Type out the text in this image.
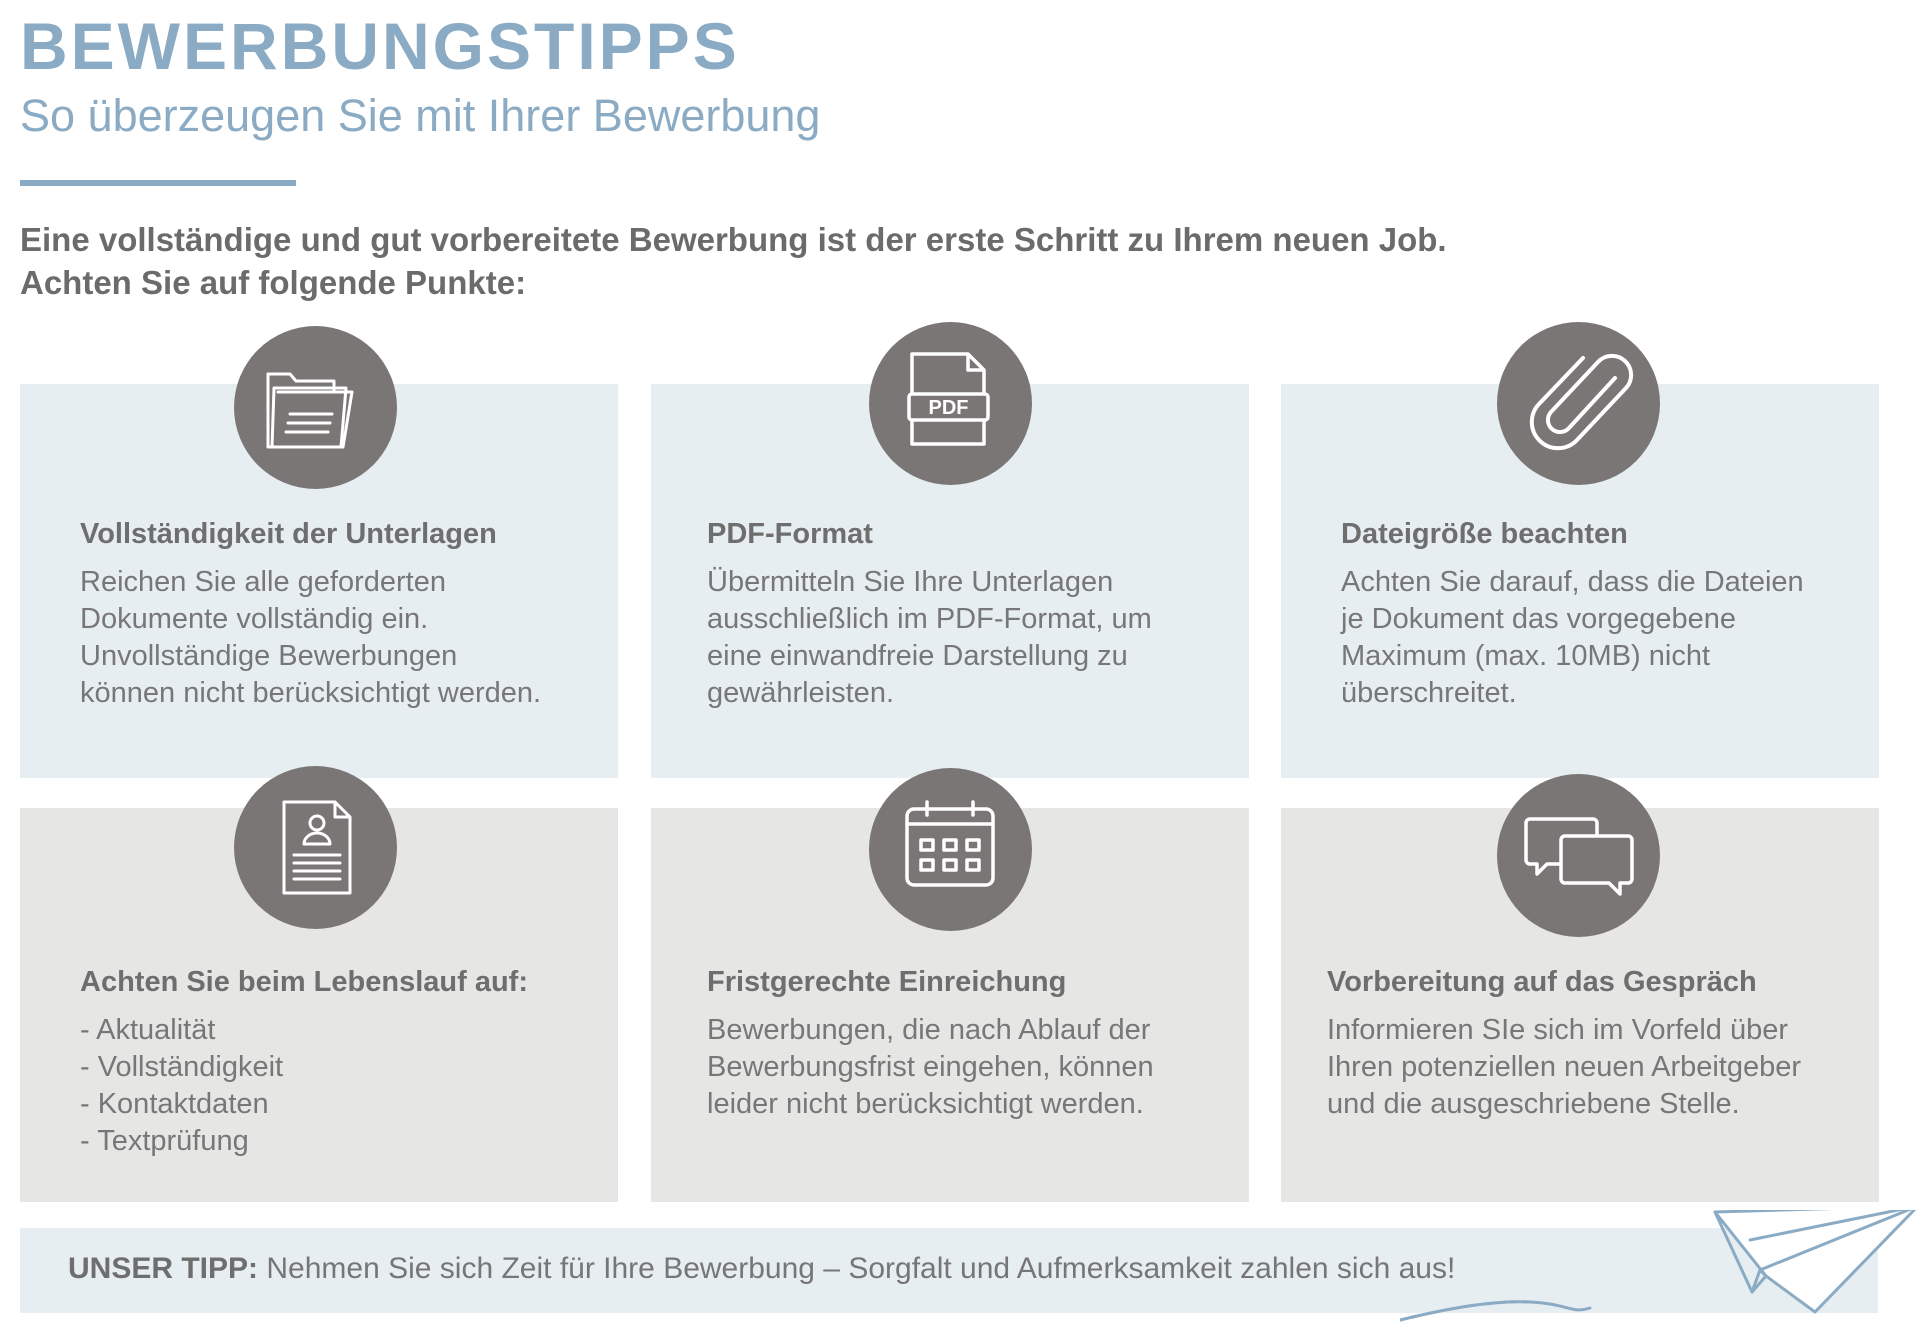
BEWERBUNGSTIPPS
So überzeugen Sie mit Ihrer Bewerbung
Eine vollständige und gut vorbereitete Bewerbung ist der erste Schritt zu Ihrem neuen Job.
Achten Sie auf folgende Punkte:
Vollständigkeit der Unterlagen
Reichen Sie alle geforderten
Dokumente vollständig ein.
Unvollständige Bewerbungen
können nicht berücksichtigt werden.
PDF-Format
Übermitteln Sie Ihre Unterlagen
ausschließlich im PDF-Format, um
eine einwandfreie Darstellung zu
gewährleisten.
Dateigröße beachten
Achten Sie darauf, dass die Dateien
je Dokument das vorgegebene
Maximum (max. 10MB) nicht
überschreitet.
Achten Sie beim Lebenslauf auf:
- Aktualität
- Vollständigkeit
- Kontaktdaten
- Textprüfung
Fristgerechte Einreichung
Bewerbungen, die nach Ablauf der
Bewerbungsfrist eingehen, können
leider nicht berücksichtigt werden.
Vorbereitung auf das Gespräch
Informieren SIe sich im Vorfeld über
Ihren potenziellen neuen Arbeitgeber
und die ausgeschriebene Stelle.
PDF
UNSER TIPP: Nehmen Sie sich Zeit für Ihre Bewerbung – Sorgfalt und Aufmerksamkeit zahlen sich aus!
